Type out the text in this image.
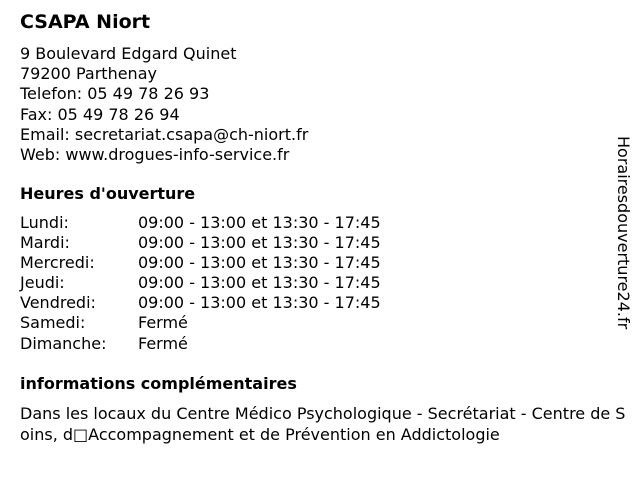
CSAPA Niort
9 Boulevard Edgard Quinet
79200 Parthenay
Telefon: 05 49 78 26 93
Fax: 05 49 78 26 94
Email: secretariat.csapa@ch-niort.fr
Web: www.drogues-info-service.fr
Heures d'ouverture
Lundi:	09:00 - 13:00 et 13:30 - 17:45
Mardi:	09:00 - 13:00 et 13:30 - 17:45
Mercredi:	09:00 - 13:00 et 13:30 - 17:45
Jeudi:	09:00 - 13:00 et 13:30 - 17:45
Vendredi:	09:00 - 13:00 et 13:30 - 17:45
Samedi:	Fermé
Dimanche: Fermé
informations complémentaires
Dans les locaux du Centre Médico Psychologique - Secrétariat - Centre de Soins, d□Accompagnement et de Prévention en Addictologie
Horairesdouverture24.fr
